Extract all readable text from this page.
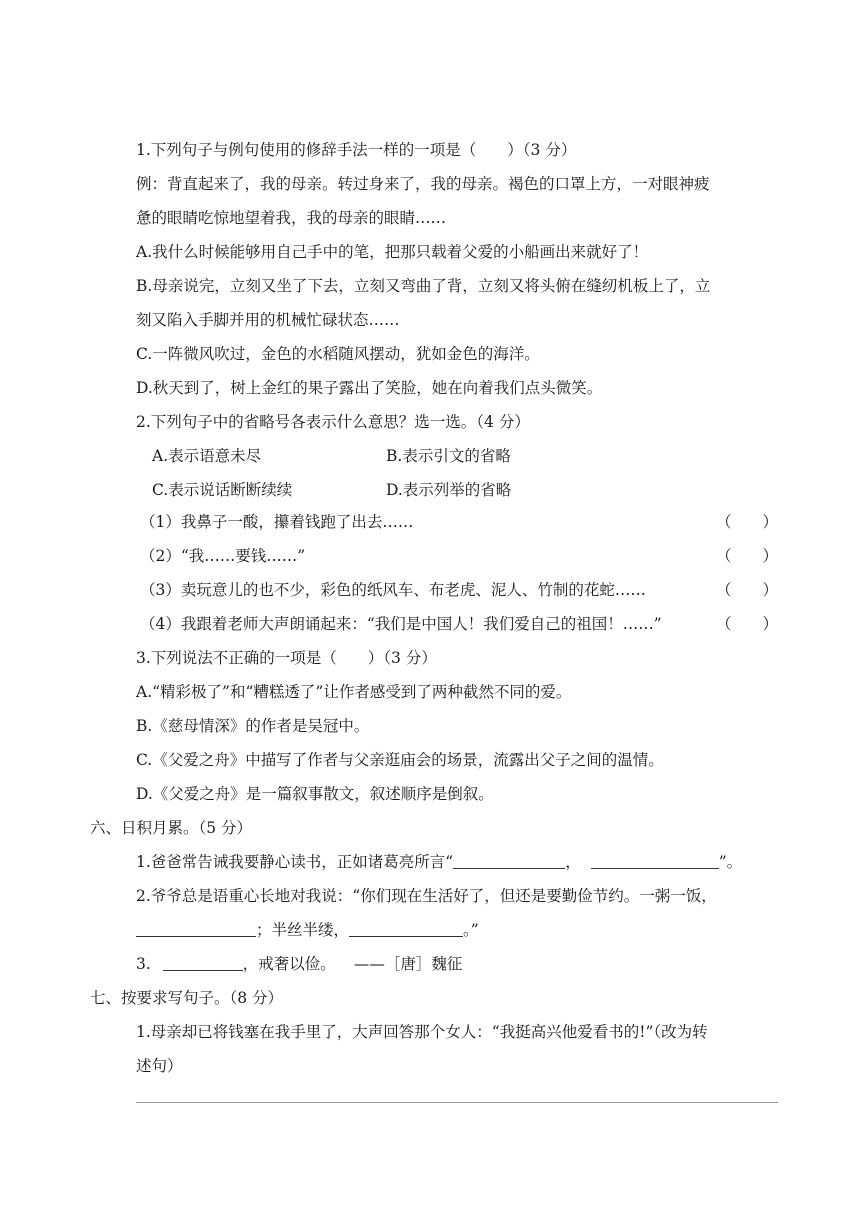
1.下列句子与例句使用的修辞手法一样的一项是（　　）（3 分）
例：背直起来了，我的母亲。转过身来了，我的母亲。褐色的口罩上方，一对眼神疲
惫的眼睛吃惊地望着我，我的母亲的眼睛……
A.我什么时候能够用自己手中的笔，把那只载着父爱的小船画出来就好了！
B.母亲说完，立刻又坐了下去，立刻又弯曲了背，立刻又将头俯在缝纫机板上了，立
刻又陷入手脚并用的机械忙碌状态……
C.一阵微风吹过，金色的水稻随风摆动，犹如金色的海洋。
D.秋天到了，树上金红的果子露出了笑脸，她在向着我们点头微笑。
2.下列句子中的省略号各表示什么意思？选一选。（4 分）
A.表示语意未尽	B.表示引文的省略
C.表示说话断断续续	D.表示列举的省略
（1）我鼻子一酸，攥着钱跑了出去……	（　　）
（2）“我……要钱……”	（　　）
（3）卖玩意儿的也不少，彩色的纸风车、布老虎、泥人、竹制的花蛇……	（　　）
（4）我跟着老师大声朗诵起来：“我们是中国人！我们爱自己的祖国！……”	（　　）
3.下列说法不正确的一项是（　　）（3 分）
A.“精彩极了”和“糟糕透了”让作者感受到了两种截然不同的爱。
B.《慈母情深》的作者是吴冠中。
C.《父爱之舟》中描写了作者与父亲逛庙会的场景，流露出父子之间的温情。
D.《父爱之舟》是一篇叙事散文，叙述顺序是倒叙。
六、日积月累。（5 分）
1.爸爸常告诫我要静心读书，正如诸葛亮所言“	，	”。
2.爷爷总是语重心长地对我说：“你们现在生活好了，但还是要勤俭节约。一粥一饭，
；半丝半缕，	。”
3.	，戒奢以俭。 ——［唐］魏征
七、按要求写句子。（8 分）
1.母亲却已将钱塞在我手里了，大声回答那个女人：“我挺高兴他爱看书的!”（改为转
述句）
